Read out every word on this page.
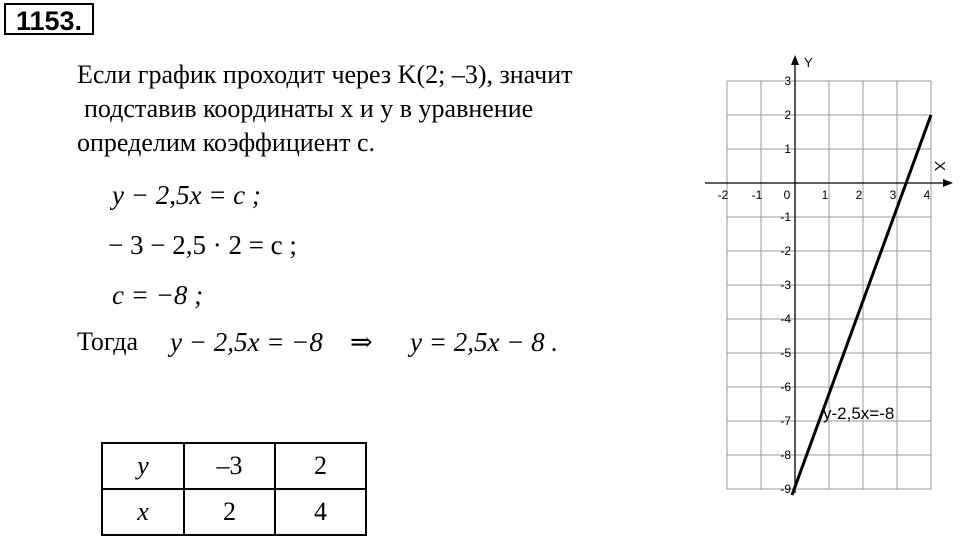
1153.
Если график проходит через K(2; –3), значит
подставив координаты x и y в уравнение
определим коэффициент c.
y − 2,5x = c ;
− 3 − 2,5 · 2 = c ;
c = −8 ;
Тогда y − 2,5x = −8 ⇒ y = 2,5x − 8 .
y	–3	2
x	2	4
-2 -1 0	1 2 3 4
3
2
1
-1
-2
-3
-4
-5
-6
-7
-8
-9
y-2,5x=-8
X
Y
